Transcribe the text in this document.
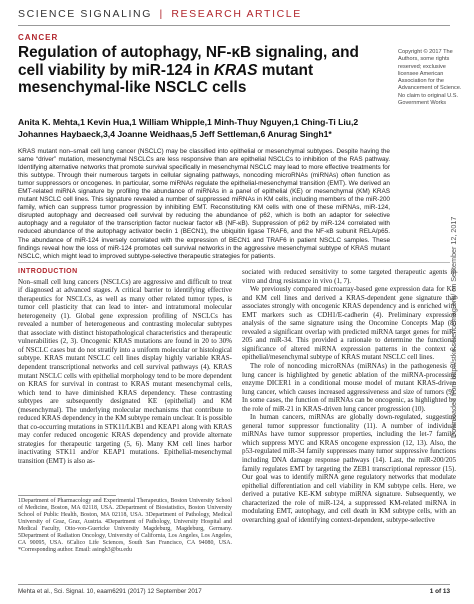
SCIENCE SIGNALING | RESEARCH ARTICLE
CANCER
Regulation of autophagy, NF-κB signaling, and cell viability by miR-124 in KRAS mutant mesenchymal-like NSCLC cells
Copyright © 2017 The Authors, some rights reserved; exclusive licensee American Association for the Advancement of Science. No claim to original U.S. Government Works
Anita K. Mehta,1 Kevin Hua,1 William Whipple,1 Minh-Thuy Nguyen,1 Ching-Ti Liu,2 Johannes Haybaeck,3,4 Joanne Weidhaas,5 Jeff Settleman,6 Anurag Singh1*
KRAS mutant non–small cell lung cancer (NSCLC) may be classified into epithelial or mesenchymal subtypes. Despite having the same “driver” mutation, mesenchymal NSCLCs are less responsive than are epithelial NSCLCs to inhibition of the RAS pathway. Identifying alternative networks that promote survival specifically in mesenchymal NSCLC may lead to more effective treatments for this subtype. Through their numerous targets in cellular signaling pathways, noncoding microRNAs (miRNAs) often function as tumor suppressors or oncogenes. In particular, some miRNAs regulate the epithelial-mesenchymal transition (EMT). We derived an EMT-related miRNA signature by profiling the abundance of miRNAs in a panel of epithelial (KE) or mesenchymal (KM) KRAS mutant NSCLC cell lines. This signature revealed a number of suppressed miRNAs in KM cells, including members of the miR-200 family, which can suppress tumor progression by inhibiting EMT. Reconstituting KM cells with one of these miRNAs, miR-124, disrupted autophagy and decreased cell survival by reducing the abundance of p62, which is both an adaptor for selective autophagy and a regulator of the transcription factor nuclear factor κB (NF-κB). Suppression of p62 by miR-124 correlated with reduced abundance of the autophagy activator beclin 1 (BECN1), the ubiquitin ligase TRAF6, and the NF-κB subunit RELA/p65. The abundance of miR-124 inversely correlated with the expression of BECN1 and TRAF6 in patient NSCLC samples. These findings reveal how the loss of miR-124 promotes cell survival networks in the aggressive mesenchymal subtype of KRAS mutant NSCLC, which might lead to improved subtype-selective therapeutic strategies for patients.
INTRODUCTION

Non–small cell lung cancers (NSCLCs) are aggressive and difficult to treat if diagnosed at advanced stages. A critical barrier to identifying effective therapeutics for NSCLCs, as well as many other related tumor types, is tumor cell plasticity that can lead to inter- and intratumoral molecular heterogeneity (1). Global gene expression profiling of NSCLCs has revealed a number of heterogeneous and contrasting molecular subtypes that associate with distinct histopathological characteristics and therapeutic vulnerabilities (2, 3). Oncogenic KRAS mutations are found in 20 to 30% of NSCLC cases but do not stratify into a uniform molecular or histological subtype. KRAS mutant NSCLC cell lines display highly variable KRAS-dependent transcriptional networks and cell survival pathways (4). KRAS mutant NSCLC cells with epithelial morphology tend to be more dependent on KRAS for survival in contrast to KRAS mutant mesenchymal cells, which tend to have diminished KRAS dependency. These contrasting subtypes are subsequently designated KE (epithelial) and KM (mesenchymal). The underlying molecular mechanisms that contribute to reduced KRAS dependency in the KM subtype remain unclear. It is possible that co-occurring mutations in STK11/LKB1 and KEAP1 along with KRAS may confer reduced oncogenic KRAS dependency and provide alternate strategies for therapeutic targeting (5, 6). Many KM cell lines harbor inactivating STK11 and/or KEAP1 mutations. Epithelial-mesenchymal transition (EMT) is also as-

sociated with reduced sensitivity to some targeted therapeutic agents in vitro and drug resistance in vivo (1, 7).

We previously compared microarray-based gene expression data for KE and KM cell lines and derived a KRAS-dependent gene signature that associates strongly with oncogenic KRAS dependency and is enriched with EMT markers such as CDH1/E-cadherin (4). Preliminary expression analysis of the same signature using the Oncomine Concepts Map (8) revealed a significant overlap with predicted miRNA target genes for miR-205 and miR-34. This provided a rationale to determine the functional significance of altered miRNA expression patterns in the context of epithelial/mesenchymal subtype of KRAS mutant NSCLC cell lines.

The role of noncoding microRNAs (miRNAs) in the pathogenesis of lung cancer is highlighted by genetic ablation of the miRNA-processing enzyme DICER1 in a conditional mouse model of mutant KRAS-driven lung cancer, which causes increased aggressiveness and size of tumors (9). In some cases, the function of miRNAs can be oncogenic, as highlighted by the role of miR-21 in KRAS-driven lung cancer progression (10).

In human cancers, miRNAs are globally down-regulated, suggesting general tumor suppressor functionality (11). A number of individual miRNAs have tumor suppressor properties, including the let-7 family, which suppress MYC and KRAS oncogene expression (12, 13). Also, the p53-regulated miR-34 family suppresses many tumor suppressive functions including DNA damage response pathways (14). Last, the miR-200/205 family regulates EMT by targeting the ZEB1 transcriptional repressor (15). Our goal was to identify miRNA gene regulatory networks that modulate epithelial differentiation and cell viability in KM subtype cells. Here, we derived a putative KE-KM subtype miRNA signature. Subsequently, we characterized the role of miR-124, a suppressed KM-related miRNA in modulating EMT, autophagy, and cell death in KM subtype cells, with an overarching goal of identifying context-dependent, subtype-selective

1Department of Pharmacology and Experimental Therapeutics, Boston University School of Medicine, Boston, MA 02118, USA. 2Department of Biostatistics, Boston University School of Public Health, Boston, MA 02118, USA. 3Department of Pathology, Medical University of Graz, Graz, Austria. 4Department of Pathology, University Hospital and Medical Faculty, Otto-von-Guericke University Magdeburg, Magdeburg, Germany. 5Department of Radiation Oncology, University of California, Los Angeles, Los Angeles, CA 90095, USA. 6Calico Life Sciences, South San Francisco, CA 94080, USA. *Corresponding author. Email: asingh3@bu.edu
Downloaded from http://stke.sciencemag.org/ on September 12, 2017
Mehta et al., Sci. Signal. 10, eaam6291 (2017) 12 September 2017	1 of 13
